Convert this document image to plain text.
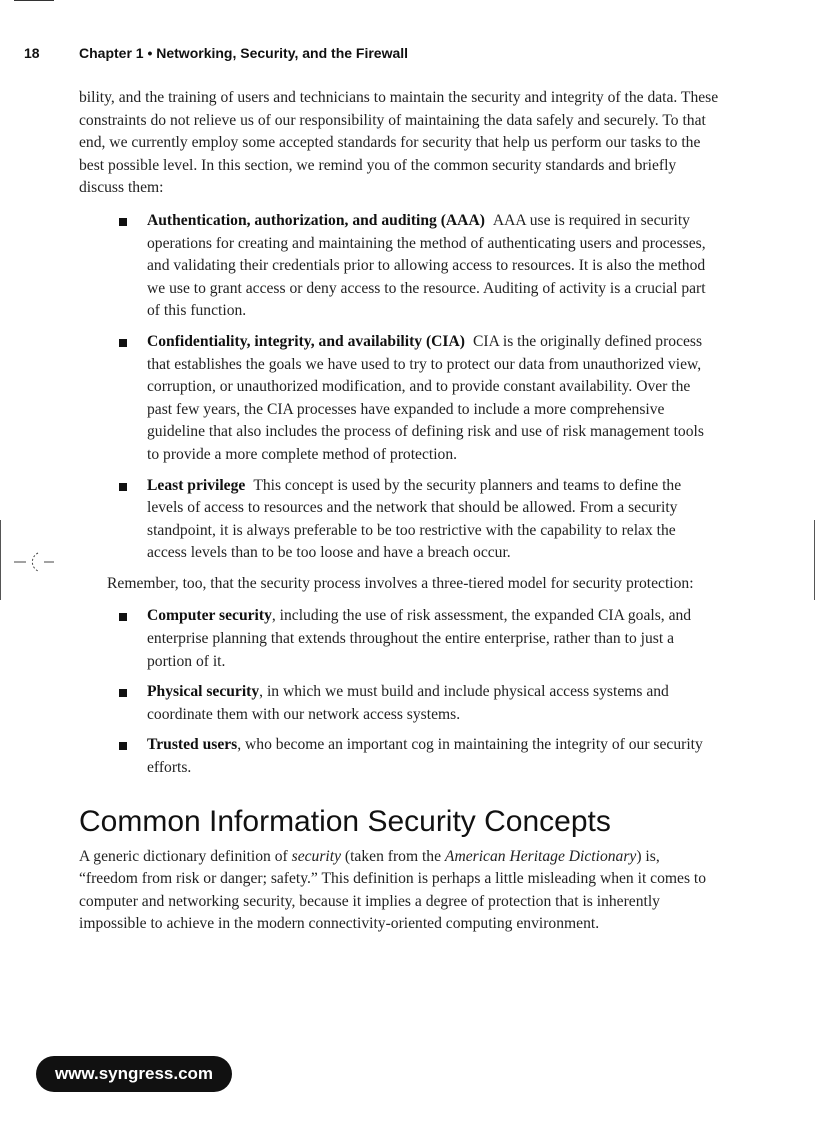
18	Chapter 1 • Networking, Security, and the Firewall

bility, and the training of users and technicians to maintain the security and integrity of the data. These constraints do not relieve us of our responsibility of maintaining the data safely and securely. To that end, we currently employ some accepted standards for security that help us perform our tasks to the best possible level. In this section, we remind you of the common security standards and briefly discuss them:

Authentication, authorization, and auditing (AAA) AAA use is required in security operations for creating and maintaining the method of authenticating users and processes, and validating their credentials prior to allowing access to resources. It is also the method we use to grant access or deny access to the resource. Auditing of activity is a crucial part of this function.
Confidentiality, integrity, and availability (CIA) CIA is the originally defined process that establishes the goals we have used to try to protect our data from unauthorized view, corruption, or unauthorized modification, and to provide constant availability. Over the past few years, the CIA processes have expanded to include a more comprehensive guideline that also includes the process of defining risk and use of risk management tools to provide a more complete method of protection.
Least privilege This concept is used by the security planners and teams to define the levels of access to resources and the network that should be allowed. From a security standpoint, it is always preferable to be too restrictive with the capability to relax the access levels than to be too loose and have a breach occur.

Remember, too, that the security process involves a three-tiered model for security protection:

Computer security, including the use of risk assessment, the expanded CIA goals, and enterprise planning that extends throughout the entire enterprise, rather than to just a portion of it.
Physical security, in which we must build and include physical access systems and coordinate them with our network access systems.
Trusted users, who become an important cog in maintaining the integrity of our security efforts.
Common Information Security Concepts

A generic dictionary definition of security (taken from the American Heritage Dictionary) is, “freedom from risk or danger; safety.” This definition is perhaps a little misleading when it comes to computer and networking security, because it implies a degree of protection that is inherently impossible to achieve in the modern connectivity-oriented computing environment.

www.syngress.com
